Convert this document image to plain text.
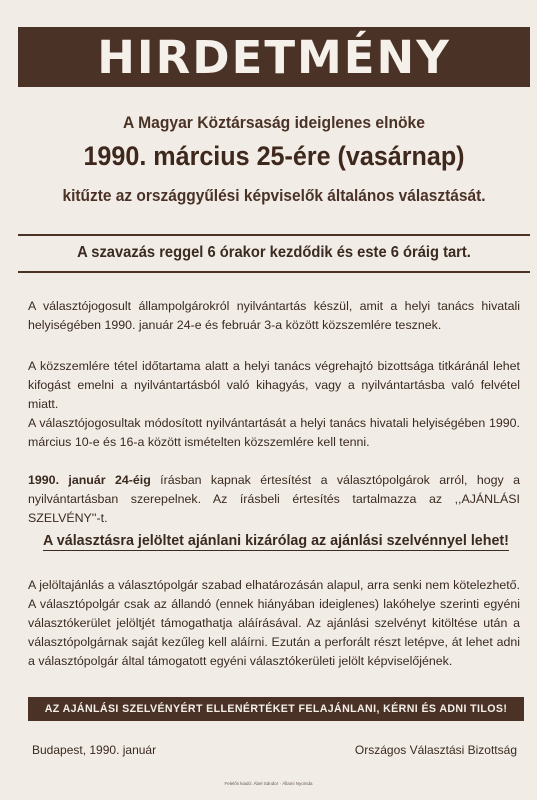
HIRDETMÉNY
A Magyar Köztársaság ideiglenes elnöke
1990. március 25-ére (vasárnap)
kitűzte az országgyűlési képviselők általános választását.
A szavazás reggel 6 órakor kezdődik és este 6 óráig tart.
A választójogosult állampolgárokról nyilvántartás készül, amit a helyi tanács hivatali helyiségében 1990. január 24-e és február 3-a között közszemlére tesznek.
A közszemlére tétel időtartama alatt a helyi tanács végrehajtó bizottsága titkáránál lehet kifogást emelni a nyilvántartásból való kihagyás, vagy a nyilvántartásba való felvétel miatt.
A választójogosultak módosított nyilvántartását a helyi tanács hivatali helyiségében 1990. március 10-e és 16-a között ismételten közszemlére kell tenni.
1990. január 24-éig írásban kapnak értesítést a választópolgárok arról, hogy a nyilvántartásban szerepelnek. Az írásbeli értesítés tartalmazza az ,,AJÁNLÁSI SZELVÉNY''-t.
A választásra jelöltet ajánlani kizárólag az ajánlási szelvénnyel lehet!
A jelöltajánlás a választópolgár szabad elhatározásán alapul, arra senki nem kötelezhető. A választópolgár csak az állandó (ennek hiányában ideiglenes) lakóhelye szerinti egyéni választókerület jelöltjét támogathatja aláírásával. Az ajánlási szelvényt kitöltése után a választópolgárnak saját kezűleg kell aláírni. Ezután a perforált részt letépve, át lehet adni a választópolgár által támogatott egyéni választókerületi jelölt képviselőjének.
AZ AJÁNLÁSI SZELVÉNYÉRT ELLENÉRTÉKET FELAJÁNLANI, KÉRNI ÉS ADNI TILOS!
Budapest, 1990. január	Országos Választási Bizottság
Felelős kiadó: Ábel Sándor · Állami Nyomda
